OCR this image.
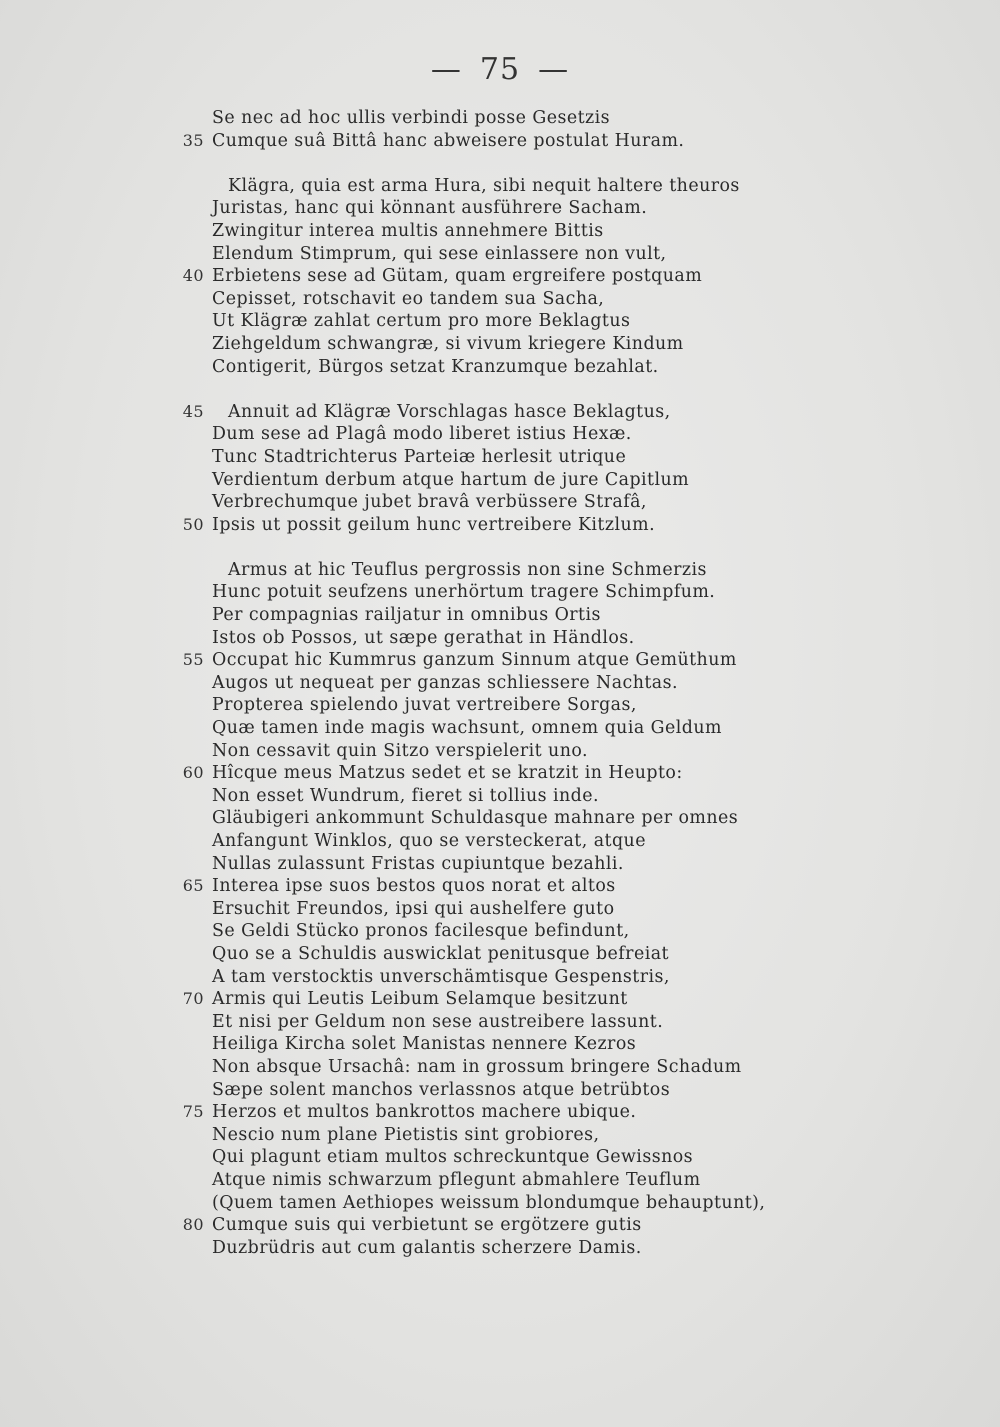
— 75 —
Se nec ad hoc ullis verbindi posse Gesetzis
35 Cumque suâ Bittâ hanc abweisere postulat Huram.
Klägra, quia est arma Hura, sibi nequit haltere theuros
Juristas, hanc qui könnant ausführere Sacham.
Zwingitur interea multis annehmere Bittis
Elendum Stimprum, qui sese einlassere non vult,
40 Erbietens sese ad Gütam, quam ergreifere postquam
Cepisset, rotschavit eo tandem sua Sacha,
Ut Klägræ zahlat certum pro more Beklagtus
Ziehgeldum schwangræ, si vivum kriegere Kindum
Contigerit, Bürgos setzat Kranzumque bezahlat.
45 Annuit ad Klägræ Vorschlagas hasce Beklagtus,
Dum sese ad Plagâ modo liberet istius Hexæ.
Tunc Stadtrichterus Parteiæ herlesit utrique
Verdientum derbum atque hartum de jure Capitlum
Verbrechumque jubet bravâ verbüssere Strafâ,
50 Ipsis ut possit geilum hunc vertreibere Kitzlum.
Armus at hic Teuflus pergrossis non sine Schmerzis
Hunc potuit seufzens unerhörtum tragere Schimpfum.
Per compagnias railjatur in omnibus Ortis
Istos ob Possos, ut sæpe gerathat in Händlos.
55 Occupat hic Kummrus ganzum Sinnum atque Gemüthum
Augos ut nequeat per ganzas schliessere Nachtas.
Propterea spielendo juvat vertreibere Sorgas,
Quæ tamen inde magis wachsunt, omnem quia Geldum
Non cessavit quin Sitzo verspielerit uno.
60 Hîcque meus Matzus sedet et se kratzit in Heupto:
Non esset Wundrum, fieret si tollius inde.
Gläubigeri ankommunt Schuldasque mahnare per omnes
Anfangunt Winklos, quo se versteckerat, atque
Nullas zulassunt Fristas cupiuntque bezahli.
65 Interea ipse suos bestos quos norat et altos
Ersuchit Freundos, ipsi qui aushelfere guto
Se Geldi Stücko pronos facilesque befindunt,
Quo se a Schuldis auswicklat penitusque befreiat
A tam verstocktis unverschämtisque Gespenstris,
70 Armis qui Leutis Leibum Selamque besitzunt
Et nisi per Geldum non sese austreibere lassunt.
Heiliga Kircha solet Manistas nennere Kezros
Non absque Ursachâ: nam in grossum bringere Schadum
Sæpe solent manchos verlassnos atque betrübtos
75 Herzos et multos bankrottos machere ubique.
Nescio num plane Pietistis sint grobiores,
Qui plagunt etiam multos schreckuntque Gewissnos
Atque nimis schwarzum pflegunt abmahlere Teuflum
(Quem tamen Aethiopes weissum blondumque behauptunt),
80 Cumque suis qui verbietunt se ergötzere gutis
Duzbrüdris aut cum galantis scherzere Damis.
